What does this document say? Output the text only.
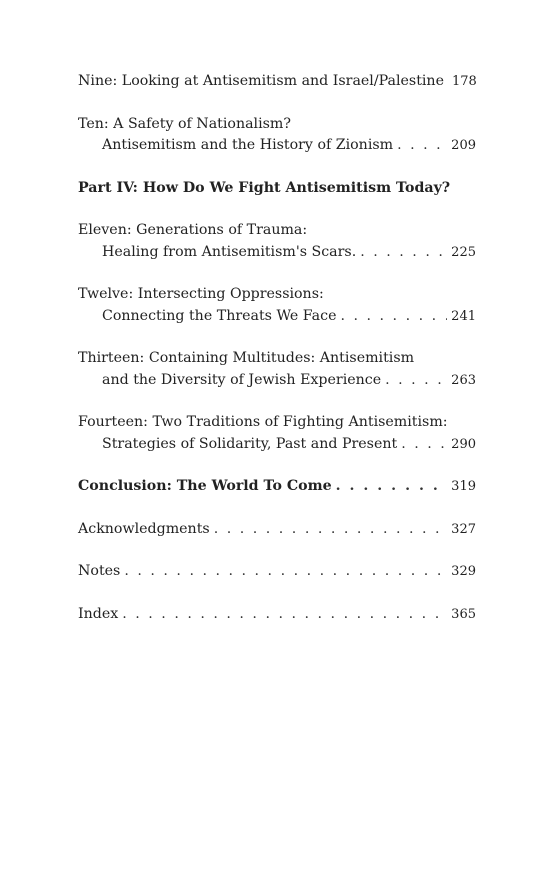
Nine: Looking at Antisemitism and Israel/Palestine 178
Ten: A Safety of Nationalism?
Antisemitism and the History of Zionism . . .	209
Part IV: How Do We Fight Antisemitism Today?
Eleven: Generations of Trauma:
Healing from Antisemitism's Scars. . . .	225
Twelve: Intersecting Oppressions:
Connecting the Threats We Face . . .	241
Thirteen: Containing Multitudes: Antisemitism
and the Diversity of Jewish Experience . . .	263
Fourteen: Two Traditions of Fighting Antisemitism:
Strategies of Solidarity, Past and Present . . .	290
Conclusion: The World To Come . . .	319
Acknowledgments . . .	327
Notes . . .	329
Index . . .	365
